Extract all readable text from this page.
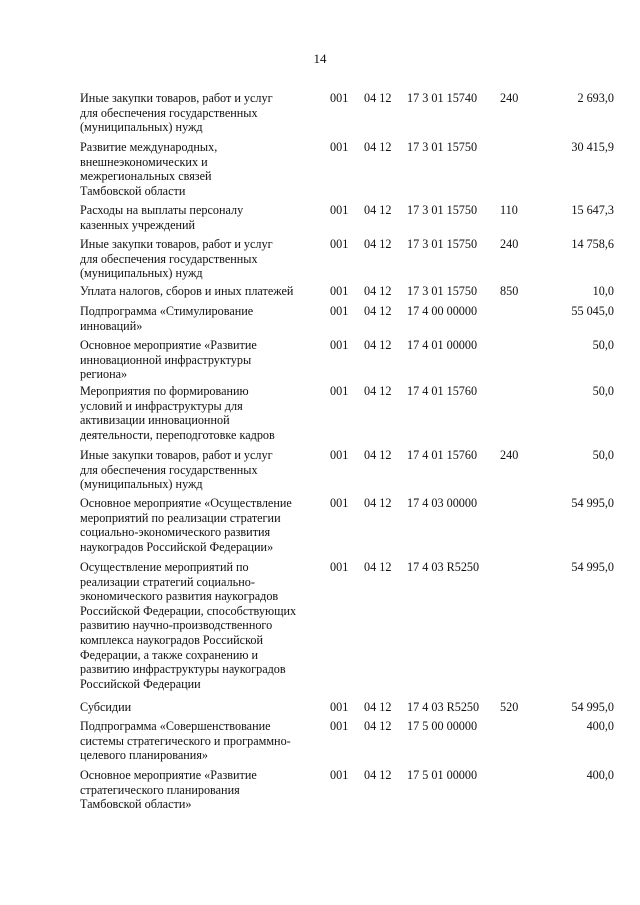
14
Иные закупки товаров, работ и услуг
для обеспечения государственных
(муниципальных) нужд
001 04 12 17 3 01 15740 240	2 693,0
Развитие международных,
внешнеэкономических и
межрегиональных связей
Тамбовской области
001 04 12 17 3 01 15750	30 415,9
Расходы на выплаты персоналу
казенных учреждений
001 04 12 17 3 01 15750 110	15 647,3
Иные закупки товаров, работ и услуг
для обеспечения государственных
(муниципальных) нужд
001 04 12 17 3 01 15750 240	14 758,6
Уплата налогов, сборов и иных платежей	001 04 12 17 3 01 15750 850	10,0
Подпрограмма «Стимулирование
инноваций»
001 04 12 17 4 00 00000	55 045,0
Основное мероприятие «Развитие
инновационной инфраструктуры
региона»
001 04 12 17 4 01 00000	50,0
Мероприятия по формированию
условий и инфраструктуры для
активизации инновационной
деятельности, переподготовке кадров
001 04 12 17 4 01 15760	50,0
Иные закупки товаров, работ и услуг
для обеспечения государственных
(муниципальных) нужд
001 04 12 17 4 01 15760 240	50,0
Основное мероприятие «Осуществление
мероприятий по реализации стратегии
социально-экономического развития
наукоградов Российской Федерации»
001 04 12 17 4 03 00000	54 995,0
Осуществление мероприятий по
реализации стратегий социально-
экономического развития наукоградов
Российской Федерации, способствующих
развитию научно-производственного
комплекса наукоградов Российской
Федерации, а также сохранению и
развитию инфраструктуры наукоградов
Российской Федерации
001 04 12 17 4 03 R5250	54 995,0
Субсидии	001 04 12 17 4 03 R5250 520	54 995,0
Подпрограмма «Совершенствование
системы стратегического и программно-
целевого планирования»
001 04 12 17 5 00 00000	400,0
Основное мероприятие «Развитие
стратегического планирования
Тамбовской области»
001 04 12 17 5 01 00000	400,0
